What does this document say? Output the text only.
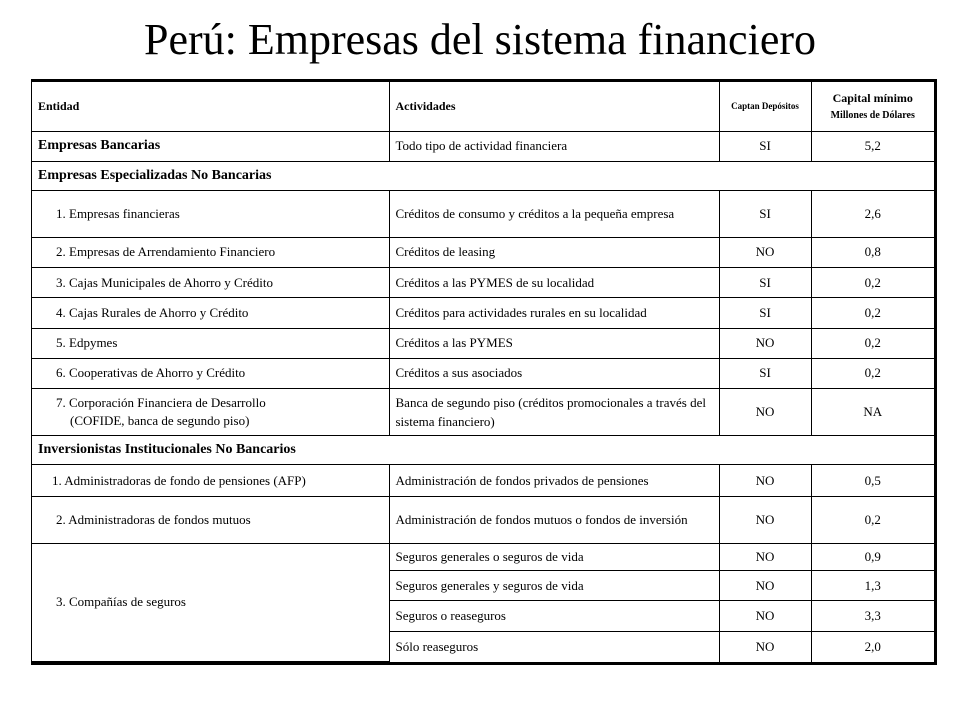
Perú: Empresas del sistema financiero
Entidad	Actividades	Captan Depósitos	Capital mínimo
Millones de Dólares

Empresas Bancarias	Todo tipo de actividad financiera	SI	5,2
Empresas Especializadas No Bancarias			
1. Empresas financieras	Créditos de consumo y créditos a la pequeña empresa	SI	2,6
2. Empresas de Arrendamiento Financiero	Créditos de leasing	NO	0,8
3. Cajas Municipales de Ahorro y Crédito	Créditos a las PYMES de su localidad	SI	0,2
4. Cajas Rurales de Ahorro y Crédito	Créditos para actividades rurales en su localidad	SI	0,2
5. Edpymes	Créditos a las PYMES	NO	0,2
6. Cooperativas de Ahorro y Crédito	Créditos a sus asociados	SI	0,2

7. Corporación Financiera de Desarrollo
(COFIDE, banca de segundo piso)	Banca de segundo piso (créditos promocionales a través del sistema financiero)	NO	NA
Inversionistas Institucionales No Bancarios			
1. Administradoras de fondo de pensiones (AFP)	Administración de fondos privados de pensiones	NO	0,5
2. Administradoras de fondos mutuos	Administración de fondos mutuos o fondos de inversión	NO	0,2
3. Compañías de seguros	Seguros generales o seguros de vida	NO	0,9
	Seguros generales y seguros de vida	NO	1,3
	Seguros o reaseguros	NO	3,3
	Sólo reaseguros	NO	2,0
